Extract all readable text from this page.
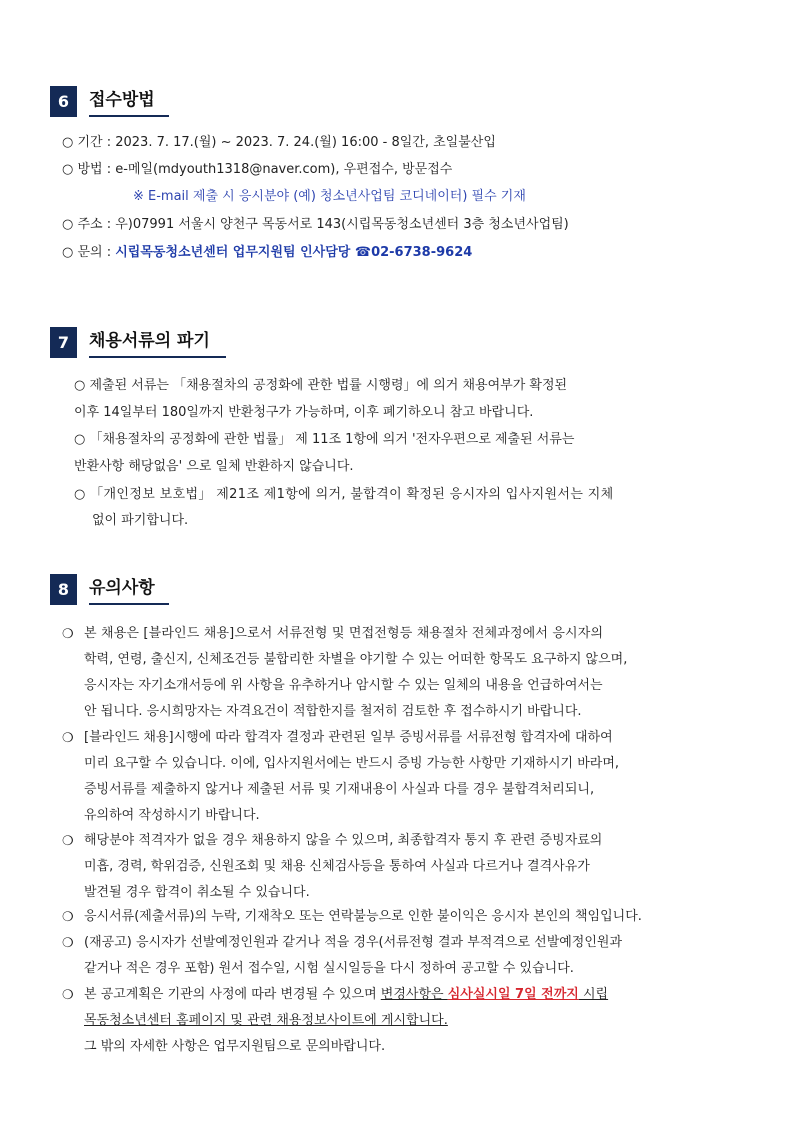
6	접수방법
○ 기간 : 2023. 7. 17.(월) ~ 2023. 7. 24.(월) 16:00 - 8일간, 초일불산입
○ 방법 : e-메일(mdyouth1318@naver.com), 우편접수, 방문접수
※ E-mail 제출 시 응시분야 (예) 청소년사업팀 코디네이터) 필수 기재
○ 주소 : 우)07991 서울시 양천구 목동서로 143(시립목동청소년센터 3층 청소년사업팀)
○ 문의 : 시립목동청소년센터 업무지원팀 인사담당 ☎02-6738-9624
7	채용서류의 파기
○ 제출된 서류는 「채용절차의 공정화에 관한 법률 시행령」에 의거 채용여부가 확정된
이후 14일부터 180일까지 반환청구가 가능하며, 이후 폐기하오니 참고 바랍니다.
○ 「채용절차의 공정화에 관한 법률」 제 11조 1항에 의거 '전자우편으로 제출된 서류는
반환사항 해당없음' 으로 일체 반환하지 않습니다.
○ 「개인정보 보호법」 제21조 제1항에 의거, 불합격이 확정된 응시자의 입사지원서는 지체
없이 파기합니다.
8	유의사항
❍ 본 채용은 [블라인드 채용]으로서 서류전형 및 면접전형등 채용절차 전체과정에서 응시자의
학력, 연령, 출신지, 신체조건등 불합리한 차별을 야기할 수 있는 어떠한 항목도 요구하지 않으며,
응시자는 자기소개서등에 위 사항을 유추하거나 암시할 수 있는 일체의 내용을 언급하여서는
안 됩니다. 응시희망자는 자격요건이 적합한지를 철저히 검토한 후 접수하시기 바랍니다.
❍ [블라인드 채용]시행에 따라 합격자 결정과 관련된 일부 증빙서류를 서류전형 합격자에 대하여
미리 요구할 수 있습니다. 이에, 입사지원서에는 반드시 증빙 가능한 사항만 기재하시기 바라며,
증빙서류를 제출하지 않거나 제출된 서류 및 기재내용이 사실과 다를 경우 불합격처리되니,
유의하여 작성하시기 바랍니다.
❍ 해당분야 적격자가 없을 경우 채용하지 않을 수 있으며, 최종합격자 통지 후 관련 증빙자료의
미흡, 경력, 학위검증, 신원조회 및 채용 신체검사등을 통하여 사실과 다르거나 결격사유가
발견될 경우 합격이 취소될 수 있습니다.
❍ 응시서류(제출서류)의 누락, 기재착오 또는 연락불능으로 인한 불이익은 응시자 본인의 책임입니다.
❍ (재공고) 응시자가 선발예정인원과 같거나 적을 경우(서류전형 결과 부적격으로 선발예정인원과
같거나 적은 경우 포함) 원서 접수일, 시험 실시일등을 다시 정하여 공고할 수 있습니다.
❍ 본 공고계획은 기관의 사정에 따라 변경될 수 있으며 변경사항은 심사실시일 7일 전까지 시립
목동청소년센터 홈페이지 및 관련 채용정보사이트에 게시합니다.
그 밖의 자세한 사항은 업무지원팀으로 문의바랍니다.
